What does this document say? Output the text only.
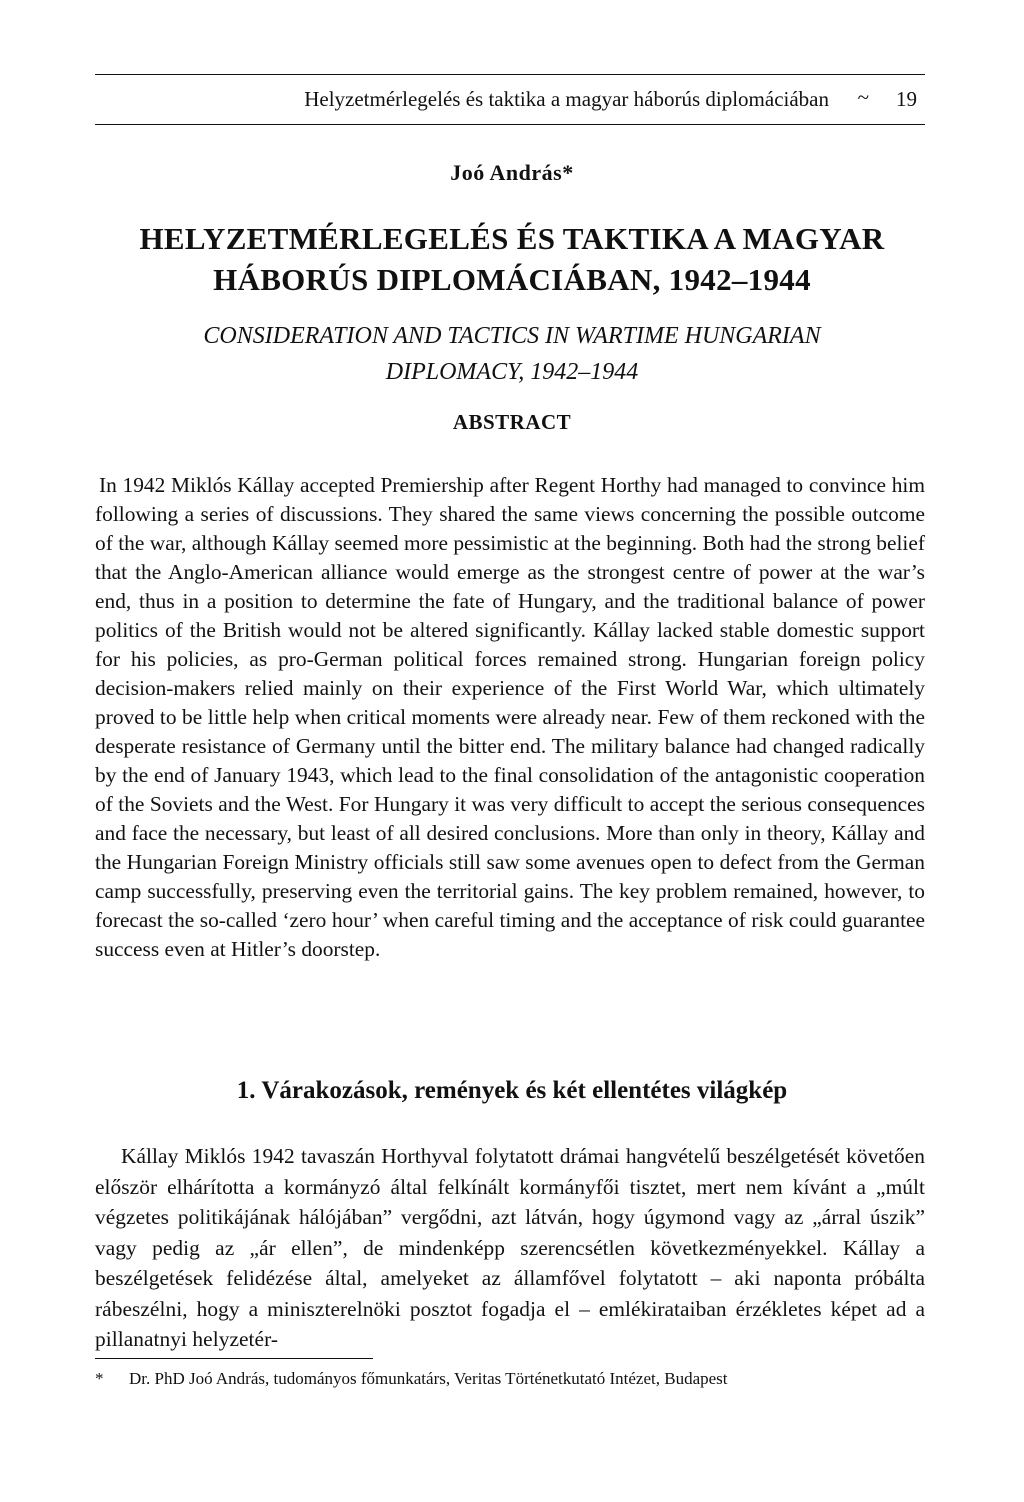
Helyzetmérlegelés és taktika a magyar háborús diplomáciában ~ 19
Joó András*
HELYZETMÉRLEGELÉS ÉS TAKTIKA A MAGYAR
HÁBORÚS DIPLOMÁCIÁBAN, 1942–1944
CONSIDERATION AND TACTICS IN WARTIME HUNGARIAN
DIPLOMACY, 1942–1944
ABSTRACT

In 1942 Miklós Kállay accepted Premiership after Regent Horthy had managed to convince him following a series of discussions. They shared the same views concerning the possible outcome of the war, although Kállay seemed more pessimistic at the beginning. Both had the strong belief that the Anglo-American alliance would emerge as the strongest centre of power at the war’s end, thus in a position to determine the fate of Hungary, and the traditional balance of power politics of the British would not be altered significantly. Kállay lacked stable domestic support for his policies, as pro-German political forces remained strong. Hungarian foreign policy decision-makers relied mainly on their experience of the First World War, which ultimately proved to be little help when critical moments were already near. Few of them reckoned with the desperate resistance of Germany until the bitter end. The military balance had changed radically by the end of January 1943, which lead to the final consolidation of the antagonistic cooperation of the Soviets and the West. For Hungary it was very difficult to accept the serious consequences and face the necessary, but least of all desired conclusions. More than only in theory, Kállay and the Hungarian Foreign Ministry officials still saw some avenues open to defect from the German camp successfully, preserving even the territorial gains. The key problem remained, however, to forecast the so-called ‘zero hour’ when careful timing and the acceptance of risk could guarantee success even at Hitler’s doorstep.

1. Várakozások, remények és két ellentétes világkép

Kállay Miklós 1942 tavaszán Horthyval folytatott drámai hangvételű beszélgetését követően először elhárította a kormányzó által felkínált kormányfői tisztet, mert nem kívánt a „múlt végzetes politikájának hálójában” vergődni, azt látván, hogy úgymond vagy az „árral úszik” vagy pedig az „ár ellen”, de mindenképp szerencsétlen következményekkel. Kállay a beszélgetések felidézése által, amelyeket az államfővel folytatott – aki naponta próbálta rábeszélni, hogy a miniszterelnöki posztot fogadja el – emlékirataiban érzékletes képet ad a pillanatnyi helyzetér-

* Dr. PhD Joó András, tudományos főmunkatárs, Veritas Történetkutató Intézet, Budapest
